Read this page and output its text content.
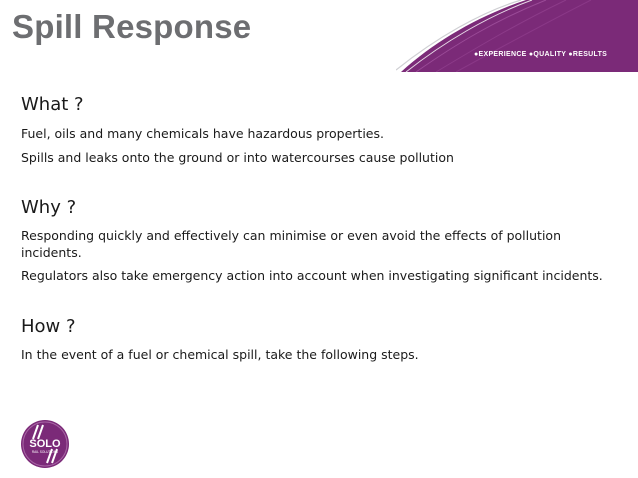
Spill Response
●EXPERIENCE ●QUALITY ●RESULTS
What ?
Fuel, oils and many chemicals have hazardous properties.
Spills and leaks onto the ground or into watercourses cause pollution
Why ?
Responding quickly and effectively can minimise or even avoid the effects of pollution incidents.
Regulators also take emergency action into account when investigating significant incidents.
How ?
In the event of a fuel or chemical spill, take the following steps.
SOLO
RAIL SOLUTIONS
